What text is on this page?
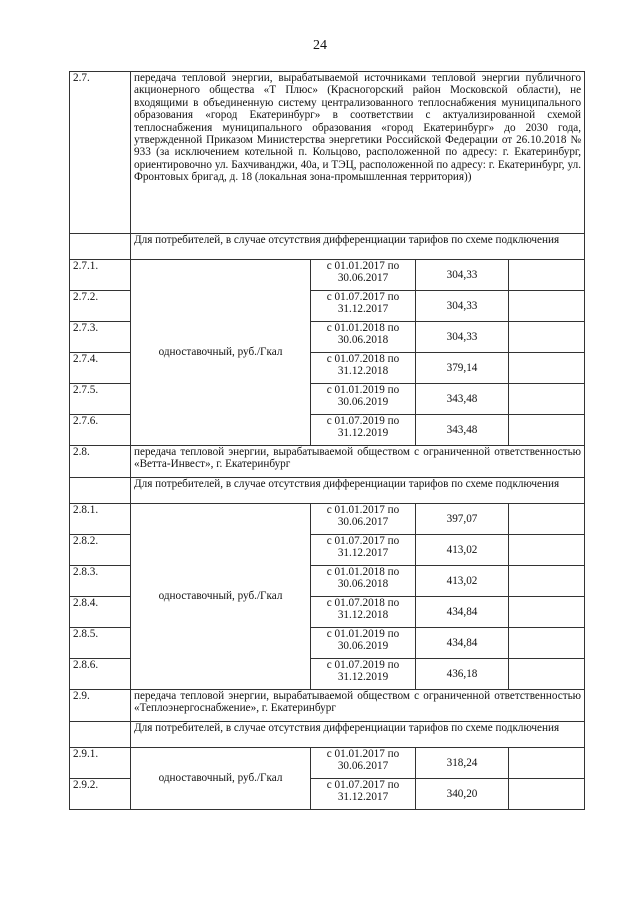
24
2.7.	передача тепловой энергии, вырабатываемой источниками тепловой энергии публичного акционерного общества «Т Плюс» (Красногорский район Московской области), не входящими в объединенную систему централизованного теплоснабжения муниципального образования «город Екатеринбург» в соответствии с актуализированной схемой теплоснабжения муниципального образования «город Екатеринбург» до 2030 года, утвержденной Приказом Министерства энергетики Российской Федерации от 26.10.2018 № 933 (за исключением котельной п. Кольцово, расположенной по адресу: г. Екатеринбург, ориентировочно ул. Бахчиванджи, 40а, и ТЭЦ, расположенной по адресу: г. Екатеринбург, ул. Фронтовых бригад, д. 18 (локальная зона-промышленная территория))			
	Для потребителей, в случае отсутствия дифференциации тарифов по схеме подключения			
2.7.1.	одноставочный, руб./Гкал	с 01.01.2017 по 30.06.2017	304,33	
2.7.2.		с 01.07.2017 по 31.12.2017	304,33	
2.7.3.		с 01.01.2018 по 30.06.2018	304,33	
2.7.4.		с 01.07.2018 по 31.12.2018	379,14	
2.7.5.		с 01.01.2019 по 30.06.2019	343,48	
2.7.6.		с 01.07.2019 по 31.12.2019	343,48	
2.8.	передача тепловой энергии, вырабатываемой обществом с ограниченной ответственностью «Ветта-Инвест», г. Екатеринбург			
	Для потребителей, в случае отсутствия дифференциации тарифов по схеме подключения			
2.8.1.	одноставочный, руб./Гкал	с 01.01.2017 по 30.06.2017	397,07	
2.8.2.		с 01.07.2017 по 31.12.2017	413,02	
2.8.3.		с 01.01.2018 по 30.06.2018	413,02	
2.8.4.		с 01.07.2018 по 31.12.2018	434,84	
2.8.5.		с 01.01.2019 по 30.06.2019	434,84	
2.8.6.		с 01.07.2019 по 31.12.2019	436,18	
2.9.	передача тепловой энергии, вырабатываемой обществом с ограниченной ответственностью «Теплоэнергоснабжение», г. Екатеринбург			
	Для потребителей, в случае отсутствия дифференциации тарифов по схеме подключения			
2.9.1.	одноставочный, руб./Гкал	с 01.01.2017 по 30.06.2017	318,24	
2.9.2.		с 01.07.2017 по 31.12.2017	340,20	
